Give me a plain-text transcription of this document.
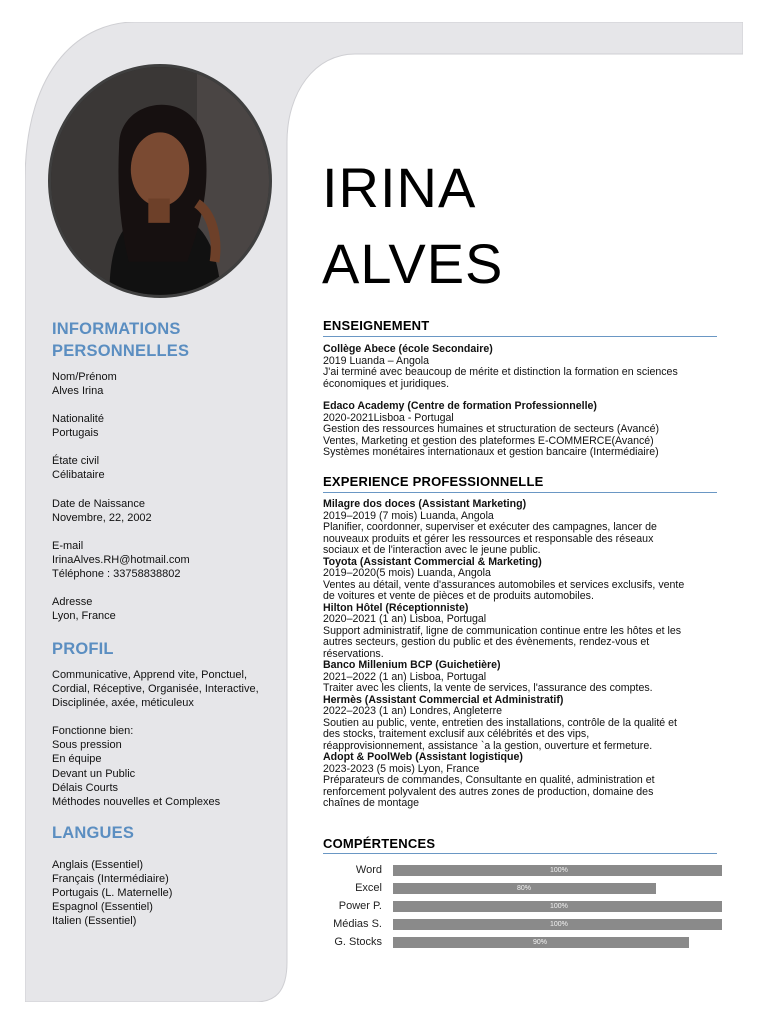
INFORMATIONS
PERSONNELLES
Nom/Prénom
Alves Irina
Nationalité
Portugais
Étate civil
Célibataire
Date de Naissance
Novembre, 22, 2002
E-mail
IrinaAlves.RH@hotmail.com
Téléphone : 33758838802
Adresse
Lyon, France
PROFIL
Communicative, Apprend vite, Ponctuel,
Cordial, Réceptive, Organisée, Interactive,
Disciplinée, axée, méticuleux
Fonctionne bien:
Sous pression
En équipe
Devant un Public
Délais Courts
Méthodes nouvelles et Complexes
LANGUES
Anglais (Essentiel)
Français (Intermédiaire)
Portugais (L. Maternelle)
Espagnol (Essentiel)
Italien (Essentiel)
IRINA
ALVES
ENSEIGNEMENT
Collège Abece (école Secondaire)
2019 Luanda – Angola
J'ai terminé avec beaucoup de mérite et distinction la formation en sciences
économiques et juridiques.
Edaco Academy (Centre de formation Professionnelle)
2020-2021Lisboa - Portugal
Gestion des ressources humaines et structuration de secteurs (Avancé)
Ventes, Marketing et gestion des plateformes E-COMMERCE(Avancé)
Systèmes monétaires internationaux et gestion bancaire (Intermédiaire)
EXPERIENCE PROFESSIONNELLE
Milagre dos doces (Assistant Marketing)
2019–2019 (7 mois) Luanda, Angola
Planifier, coordonner, superviser et exécuter des campagnes, lancer de
nouveaux produits et gérer les ressources et responsable des réseaux
sociaux et de l'interaction avec le jeune public.
Toyota (Assistant Commercial & Marketing)
2019–2020(5 mois) Luanda, Angola
Ventes au détail, vente d'assurances automobiles et services exclusifs, vente
de voitures et vente de pièces et de produits automobiles.
Hilton Hôtel (Réceptionniste)
2020–2021 (1 an) Lisboa, Portugal
Support administratif, ligne de communication continue entre les hôtes et les
autres secteurs, gestion du public et des évènements, rendez-vous et
réservations.
Banco Millenium BCP (Guichetière)
2021–2022 (1 an) Lisboa, Portugal
Traiter avec les clients, la vente de services, l'assurance des comptes.
Hermès (Assistant Commercial et Administratif)
2022–2023 (1 an) Londres, Angleterre
Soutien au public, vente, entretien des installations, contrôle de la qualité et
des stocks, traitement exclusif aux célébrités et des vips,
réapprovisionnement, assistance `a la gestion, ouverture et fermeture.
Adopt & PoolWeb (Assistant logistique)
2023-2023 (5 mois) Lyon, France
Préparateurs de commandes, Consultante en qualité, administration et
renforcement polyvalent des autres zones de production, domaine des
chaînes de montage
COMPÉRTENCES
Word	100%
Excel	80%
Power P.	100%
Médias S.	100%
G. Stocks	90%
